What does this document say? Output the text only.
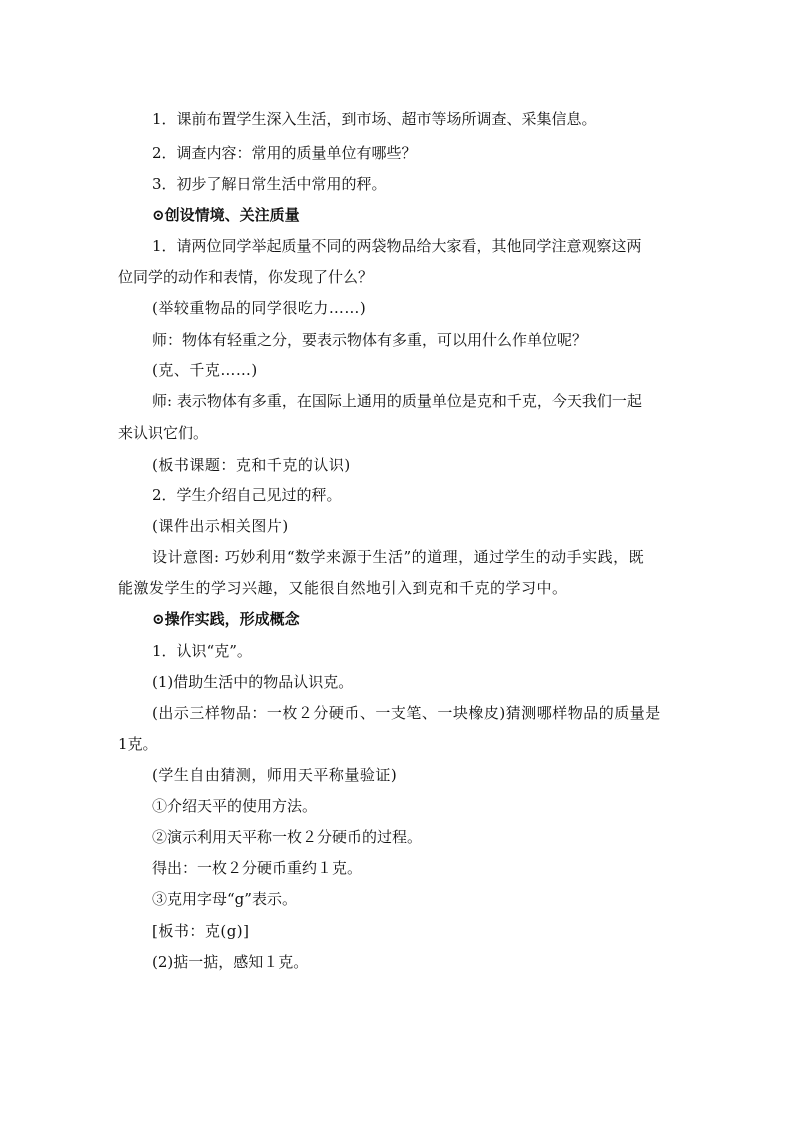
1．课前布置学生深入生活，到市场、超市等场所调查、采集信息。
2．调查内容：常用的质量单位有哪些？
3．初步了解日常生活中常用的秤。
⊙创设情境、关注质量
1．请两位同学举起质量不同的两袋物品给大家看，其他同学注意观察这两
位同学的动作和表情，你发现了什么？
(举较重物品的同学很吃力……)
师：物体有轻重之分，要表示物体有多重，可以用什么作单位呢？
(克、千克……)
师: 表示物体有多重，在国际上通用的质量单位是克和千克，今天我们一起
来认识它们。
(板书课题：克和千克的认识)
2．学生介绍自己见过的秤。
(课件出示相关图片)
设计意图: 巧妙利用“数学来源于生活”的道理，通过学生的动手实践，既
能激发学生的学习兴趣，又能很自然地引入到克和千克的学习中。
⊙操作实践，形成概念
1．认识“克”。
(1)借助生活中的物品认识克。
(出示三样物品：一枚２分硬币、一支笔、一块橡皮)猜测哪样物品的质量是
1克。
(学生自由猜测，师用天平称量验证)
①介绍天平的使用方法。
②演示利用天平称一枚２分硬币的过程。
得出：一枚２分硬币重约１克。
③克用字母“g”表示。
[板书：克(g)]
(2)掂一掂，感知１克。
